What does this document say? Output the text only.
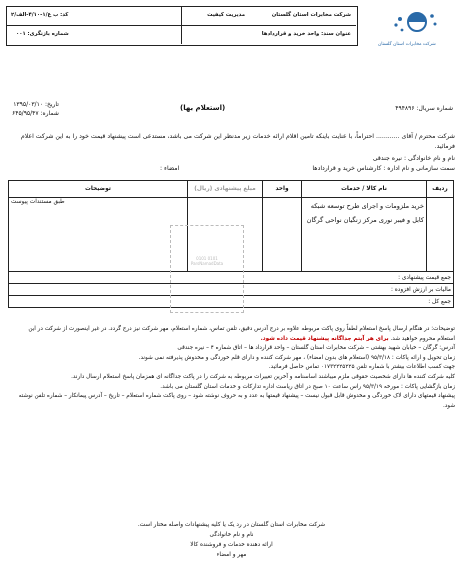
شرکت مخابرات استان گلستان
مدیریت کیفیت
عنوان سند: واحد خرید و قراردادها
کد: ب ع/۱-۴/۱۰-الف/۲
شماره بازنگری: ۰۰۱
شرکت مخابرات استان گلستان
شماره سریال: ۴۹۴۸۹۶
(استعلام بها)
تاریخ: ۱۳۹۵/۰۳/۱۰
شماره: ۶۴۵/۹۵/۴۷
شرکت محترم / آقای ............ احتراماً، با عنایت باینکه تامین اقلام ارائه خدمات زیر مدنظر این شرکت می باشد، مستدعی است پیشنهاد قیمت خود را به این شرکت اعلام فرمائید.
نام و نام خانوادگی : نیره جندقی
سمت سازمانی و نام اداره : کارشناس خرید و قراردادها
امضاء :
ردیف	نام کالا / خدمات	واحد	مبلغ پیشنهادی (ریال)	توضیحات
	خرید ملزومات و اجرای طرح توسعه شبکه کابل و فیبر نوری مرکز زنگیان نواحی گرگان			طبق مستندات پیوست
جمع قیمت پیشنهادی :				
مالیات بر ارزش افزوده :				
جمع کل :				
0101 0101
ParsNamadData
توضیحات: در هنگام ارسال پاسخ استعلام لطفاً روی پاکت مربوطه علاوه بر درج آدرس دقیق، تلفن تماس، شماره استعلام، مهر شرکت نیز درج گردد. در غیر اینصورت از شرکت در این استعلام محروم خواهید شد. برای هر آیتم جداگانه پیشنهاد قیمت داده شود.
آدرس: گرگان – خیابان شهید بهشتی – شرکت مخابرات استان گلستان – واحد قرارداد ها – اتاق شماره ۴ – نیره جندقی
زمان تحویل و ارائه پاکات : ۹۵/۳/۱۸ (استعلام های بدون امضاء) ، مهر شرکت کننده و دارای قلم خوردگی و مخدوش پذیرفته نمی شوند.
جهت کسب اطلاعات بیشتر با شماره تلفن ۰۱۷۳۲۲۲۵۲۲۵ تماس حاصل فرمائید.
کلیه شرکت کننده ها دارای شخصیت حقوقی ملزم میباشند اساسنامه و آخرین تغییرات مربوطه به شرکت را در پاکت جداگانه ای همزمان پاسخ استعلام ارسال دارند.
زمان بازگشایی پاکات : مورخه ۹۵/۳/۱۹ راس ساعت ۱۰ صبح در اتاق ریاست اداره تدارکات و خدمات استان گلستان می باشد.
پیشنهاد قیمتهای دارای لاک خوردگی و مخدوش قابل قبول نیست – پیشنهاد قیمتها به عدد و به حروف نوشته شود – روی پاکت شماره استعلام – تاریخ – آدرس پیمانکار – شماره تلفن نوشته شود.
شرکت مخابرات استان گلستان در رد یک یا کلیه پیشنهادات واصله مختار است.
نام و نام خانوادگی
ارائه دهنده خدمات و فروشنده کالا
مهر و امضاء
